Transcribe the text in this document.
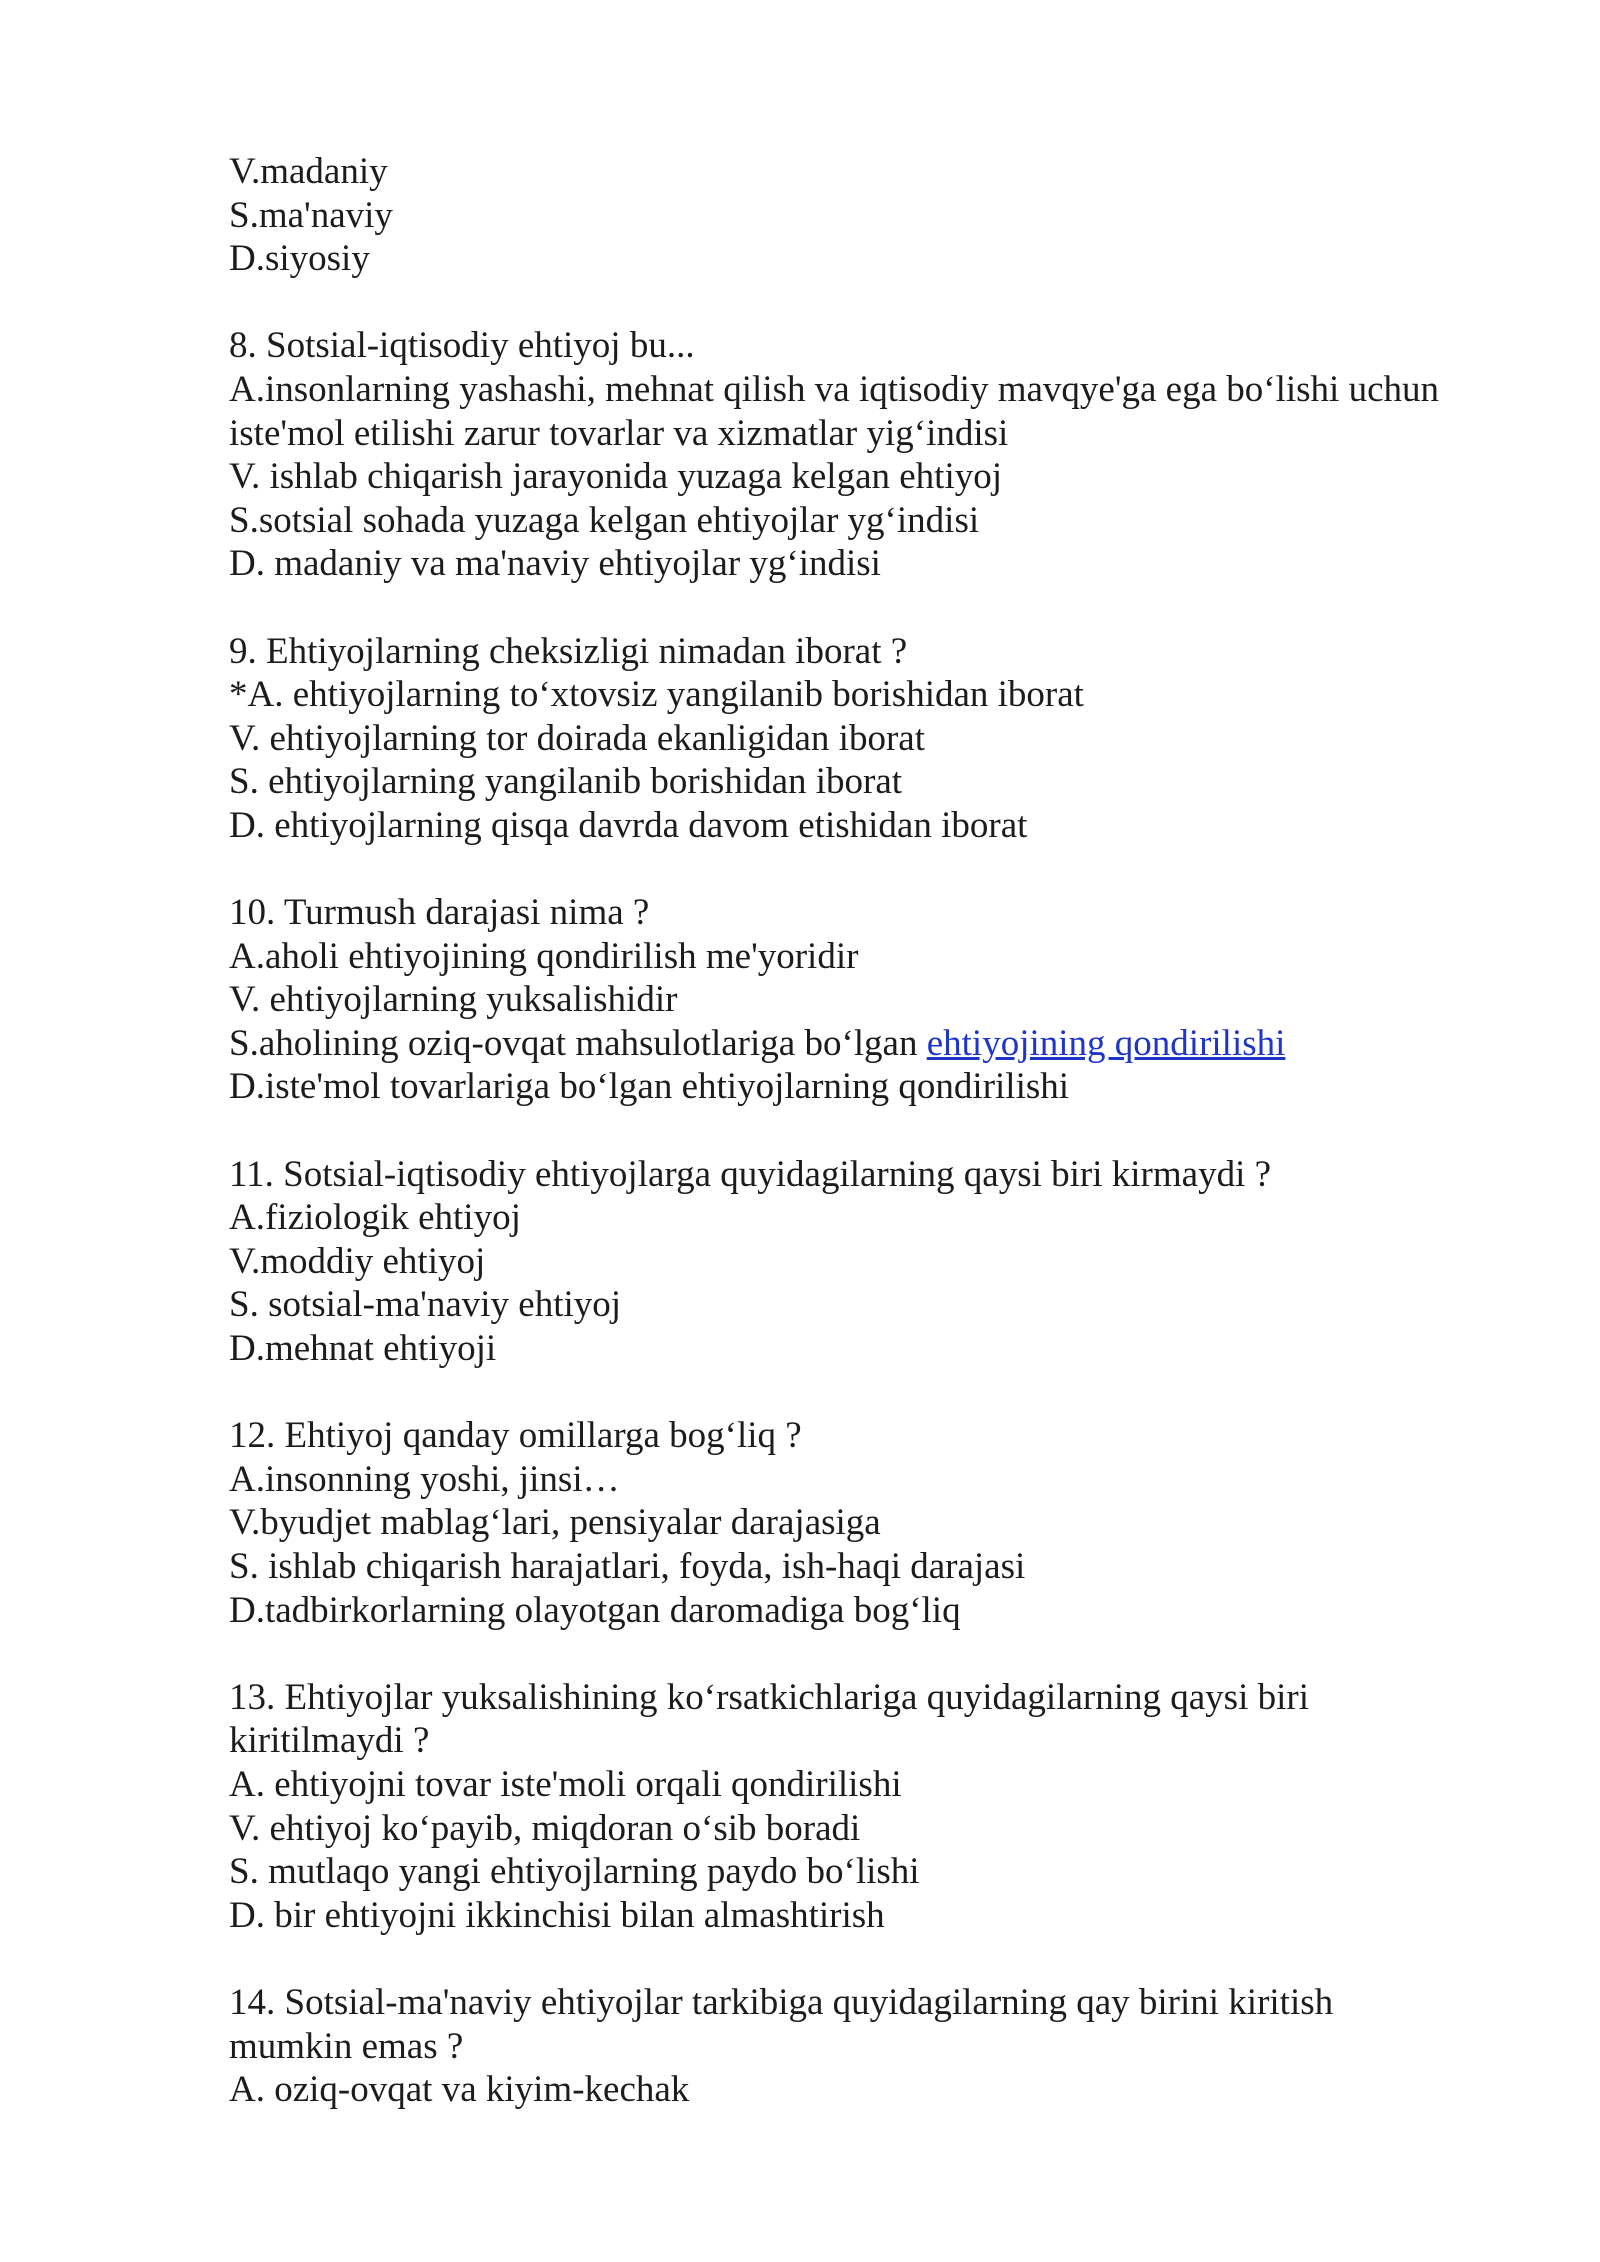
V.madaniy
S.ma'naviy
D.siyosiy
8. Sotsial-iqtisodiy ehtiyoj bu...
A.insonlarning yashashi, mehnat qilish va iqtisodiy mavqye'ga ega bo‘lishi uchun
iste'mol etilishi zarur tovarlar va xizmatlar yig‘indisi
V. ishlab chiqarish jarayonida yuzaga kelgan ehtiyoj
S.sotsial sohada yuzaga kelgan ehtiyojlar yg‘indisi
D. madaniy va ma'naviy ehtiyojlar yg‘indisi
9. Ehtiyojlarning cheksizligi nimadan iborat ?
*A. ehtiyojlarning to‘xtovsiz yangilanib borishidan iborat
V. ehtiyojlarning tor doirada ekanligidan iborat
S. ehtiyojlarning yangilanib borishidan iborat
D. ehtiyojlarning qisqa davrda davom etishidan iborat
10. Turmush darajasi nima ?
A.aholi ehtiyojining qondirilish me'yoridir
V. ehtiyojlarning yuksalishidir
S.aholining oziq-ovqat mahsulotlariga bo‘lgan ehtiyojining qondirilishi
D.iste'mol tovarlariga bo‘lgan ehtiyojlarning qondirilishi
11. Sotsial-iqtisodiy ehtiyojlarga quyidagilarning qaysi biri kirmaydi ?
A.fiziologik ehtiyoj
V.moddiy ehtiyoj
S. sotsial-ma'naviy ehtiyoj
D.mehnat ehtiyoji
12. Ehtiyoj qanday omillarga bog‘liq ?
A.insonning yoshi, jinsi…
V.byudjet mablag‘lari, pensiyalar darajasiga
S. ishlab chiqarish harajatlari, foyda, ish-haqi darajasi
D.tadbirkorlarning olayotgan daromadiga bog‘liq
13. Ehtiyojlar yuksalishining ko‘rsatkichlariga quyidagilarning qaysi biri
kiritilmaydi ?
A. ehtiyojni tovar iste'moli orqali qondirilishi
V. ehtiyoj ko‘payib, miqdoran o‘sib boradi
S. mutlaqo yangi ehtiyojlarning paydo bo‘lishi
D. bir ehtiyojni ikkinchisi bilan almashtirish
14. Sotsial-ma'naviy ehtiyojlar tarkibiga quyidagilarning qay birini kiritish
mumkin emas ?
A. oziq-ovqat va kiyim-kechak
